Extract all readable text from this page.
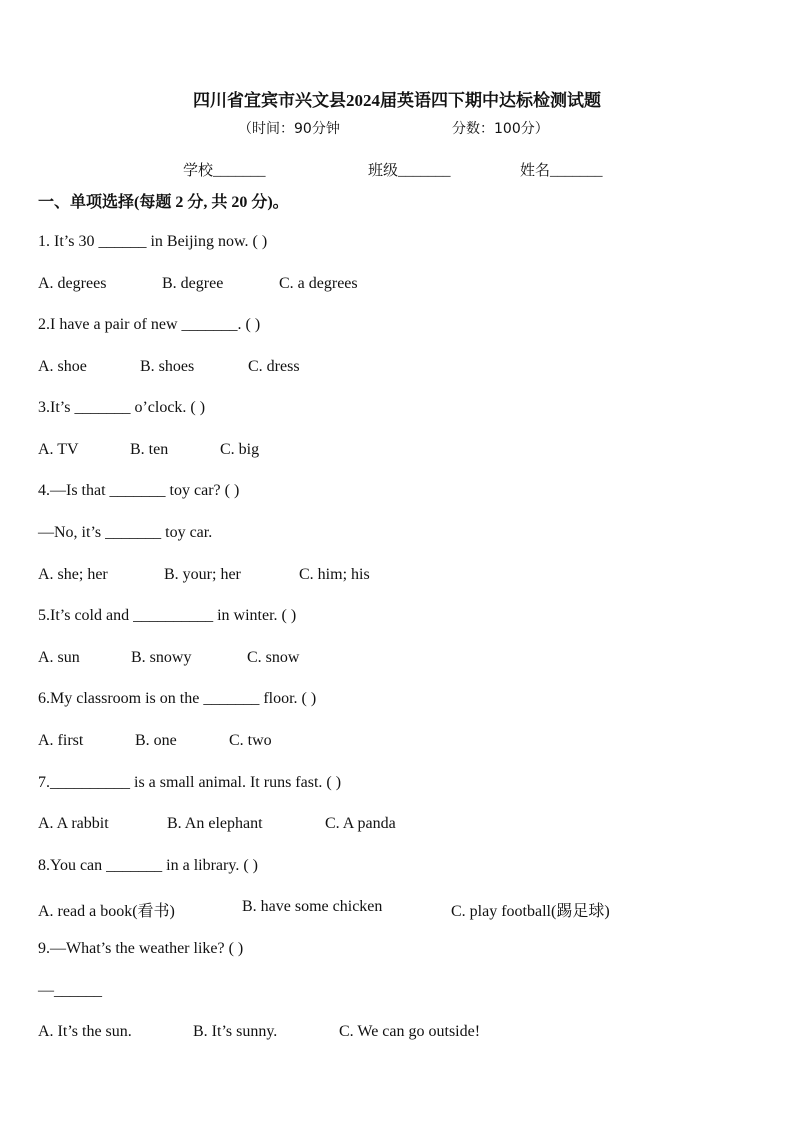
四川省宜宾市兴文县2024届英语四下期中达标检测试题
（时间：90分钟	分数：100分）
学校_______	班级_______	姓名_______
一、单项选择(每题 2 分, 共 20 分)。
1. It’s 30 ______ in Beijing now. ( )
A. degrees	B. degree	C. a degrees
2.I have a pair of new _______. ( )
A. shoe	B. shoes	C. dress
3.It’s _______ o’clock. ( )
A. TV	B. ten	C. big
4.—Is that _______ toy car? ( )
—No, it’s _______ toy car.
A. she; her	B. your; her	C. him; his
5.It’s cold and __________ in winter. ( )
A. sun	B. snowy	C. snow
6.My classroom is on the _______ floor. ( )
A. first	B. one	C. two
7.__________ is a small animal. It runs fast. ( )
A. A rabbit	B. An elephant	C. A panda
8.You can _______ in a library. ( )
A. read a book(看书)	B. have some chicken	C. play football(踢足球)
9.—What’s the weather like? ( )
—______
A. It’s the sun.	B. It’s sunny.	C. We can go outside!
